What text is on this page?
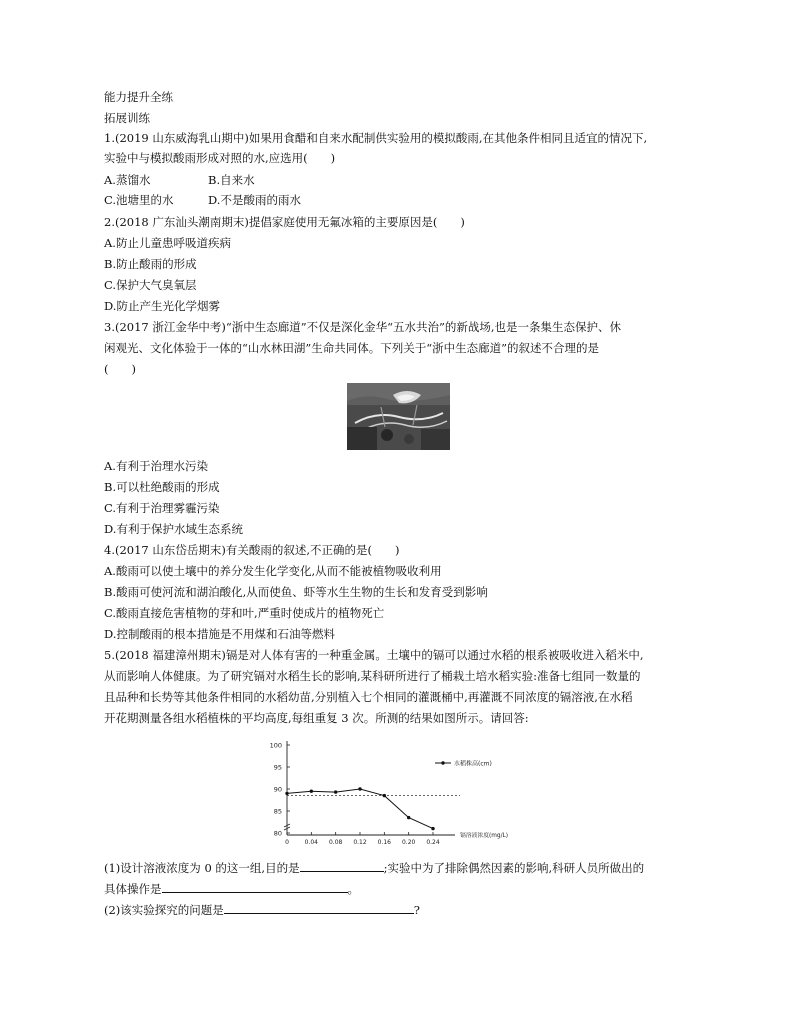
能力提升全练
拓展训练
1.(2019 山东威海乳山期中)如果用食醋和自来水配制供实验用的模拟酸雨,在其他条件相同且适宜的情况下,
实验中与模拟酸雨形成对照的水,应选用(　　)
A.蒸馏水	B.自来水
C.池塘里的水	D.不是酸雨的雨水
2.(2018 广东汕头潮南期末)提倡家庭使用无氟冰箱的主要原因是(　　)
A.防止儿童患呼吸道疾病
B.防止酸雨的形成
C.保护大气臭氧层
D.防止产生光化学烟雾
3.(2017 浙江金华中考)“浙中生态廊道”不仅是深化金华“五水共治”的新战场,也是一条集生态保护、休
闲观光、文化体验于一体的“山水林田湖”生命共同体。下列关于“浙中生态廊道”的叙述不合理的是
(　　)
A.有利于治理水污染
B.可以杜绝酸雨的形成
C.有利于治理雾霾污染
D.有利于保护水域生态系统
4.(2017 山东岱岳期末)有关酸雨的叙述,不正确的是(　　)
A.酸雨可以使土壤中的养分发生化学变化,从而不能被植物吸收利用
B.酸雨可使河流和湖泊酸化,从而使鱼、虾等水生生物的生长和发育受到影响
C.酸雨直接危害植物的芽和叶,严重时使成片的植物死亡
D.控制酸雨的根本措施是不用煤和石油等燃料
5.(2018 福建漳州期末)镉是对人体有害的一种重金属。土壤中的镉可以通过水稻的根系被吸收进入稻米中,
从而影响人体健康。为了研究镉对水稻生长的影响,某科研所进行了桶栽土培水稻实验:准备七组同一数量的
且品种和长势等其他条件相同的水稻幼苗,分别植入七个相同的灌溉桶中,再灌溉不同浓度的镉溶液,在水稻
开花期测量各组水稻植株的平均高度,每组重复 3 次。所测的结果如图所示。请回答:
80
85
90
95
100
0	0.04 0.08 0.12 0.16 0.20 0.24
镉溶液浓度(mg/L)
水稻株高(cm)
(1)设计溶液浓度为 0 的这一组,目的是	;实验中为了排除偶然因素的影响,科研人员所做出的
具体操作是	。
(2)该实验探究的问题是	?
